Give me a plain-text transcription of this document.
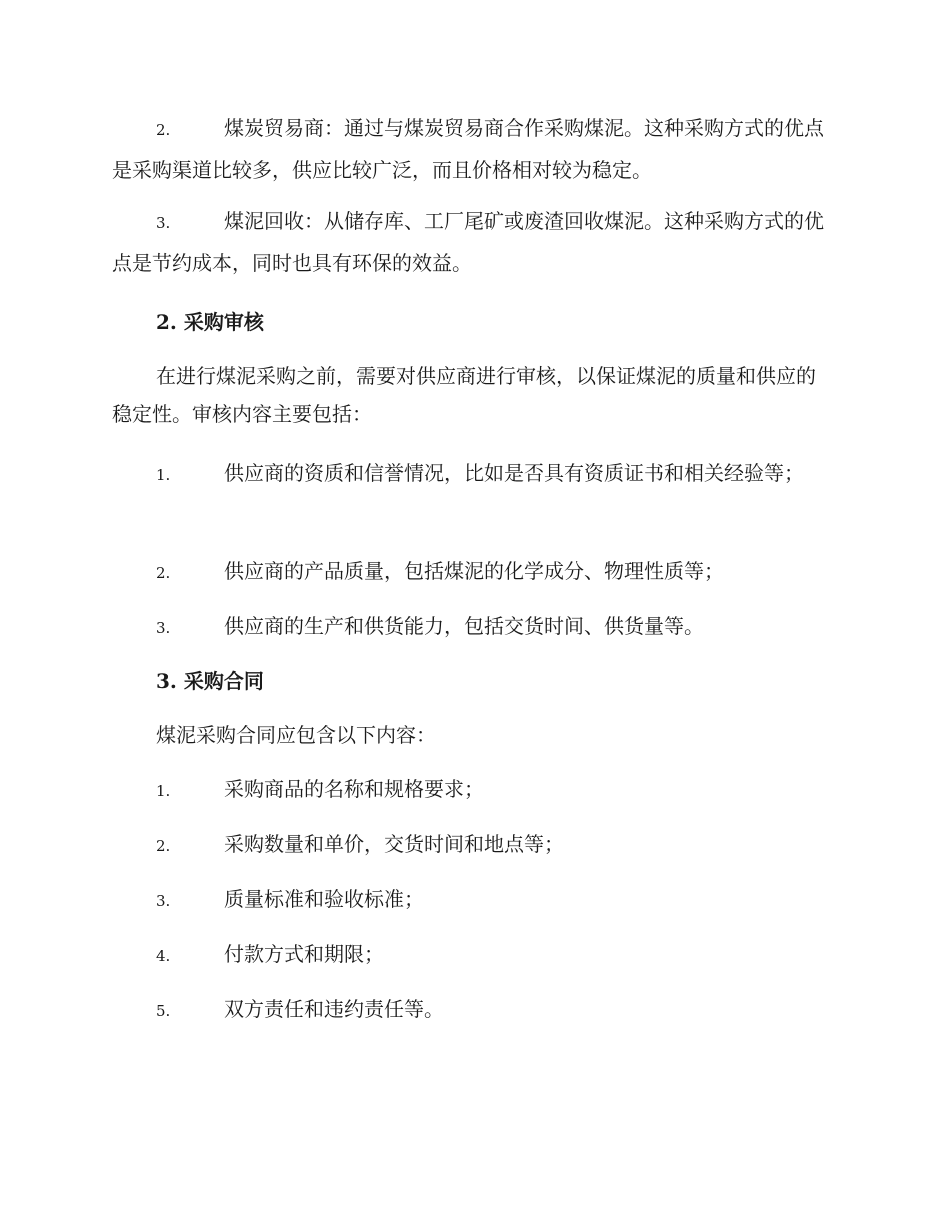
2.	煤炭贸易商：通过与煤炭贸易商合作采购煤泥。这种采购方式的优点是采购渠道比较多，供应比较广泛，而且价格相对较为稳定。
3.	煤泥回收：从储存库、工厂尾矿或废渣回收煤泥。这种采购方式的优点是节约成本，同时也具有环保的效益。
2. 采购审核
在进行煤泥采购之前，需要对供应商进行审核，以保证煤泥的质量和供应的稳定性。审核内容主要包括：
1.	供应商的资质和信誉情况，比如是否具有资质证书和相关经验等；
2.	供应商的产品质量，包括煤泥的化学成分、物理性质等；
3.	供应商的生产和供货能力，包括交货时间、供货量等。
3. 采购合同
煤泥采购合同应包含以下内容：
1.	采购商品的名称和规格要求；
2.	采购数量和单价，交货时间和地点等；
3.	质量标准和验收标准；
4.	付款方式和期限；
5.	双方责任和违约责任等。
